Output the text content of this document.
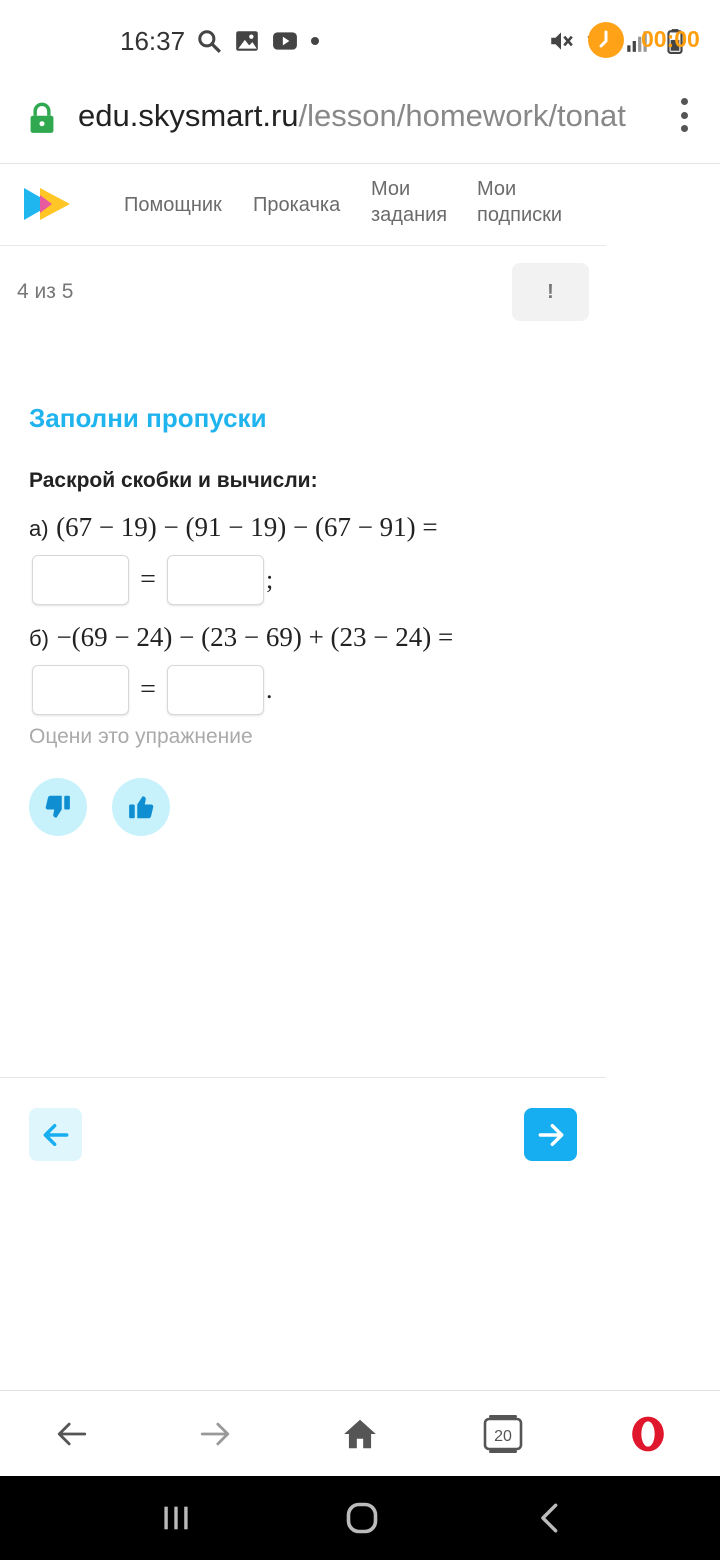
16:37
edu.skysmart.ru/lesson/homework/tonat
Помощник Прокачка
Мои
задания
Мои
подписки
00:00
4 из 5	!
Заполни пропуски
Раскрой скобки и вычисли:
а) (67 − 19) − (91 − 19) − (67 − 91) =
=	;
б) −(69 − 24) − (23 − 69) + (23 − 24) =
=	.
Оцени это упражнение
20
